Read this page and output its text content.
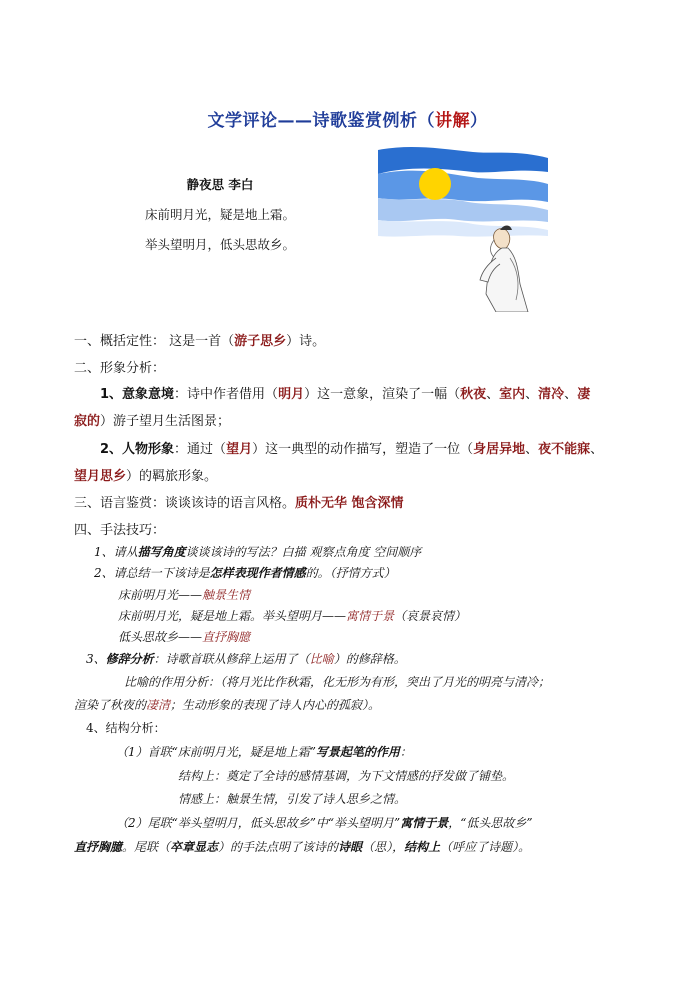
文学评论——诗歌鉴赏例析（讲解）
静夜思 李白
床前明月光，疑是地上霜。
举头望明月，低头思故乡。
一、概括定性： 这是一首（游子思乡）诗。
二、形象分析：
1、意象意境：诗中作者借用（明月）这一意象，渲染了一幅（秋夜、室内、清冷、凄
寂的）游子望月生活图景；
2、人物形象：通过（望月）这一典型的动作描写，塑造了一位（身居异地、夜不能寐、
望月思乡）的羁旅形象。
三、语言鉴赏：谈谈该诗的语言风格。质朴无华 饱含深情
四、手法技巧：
1、请从描写角度谈谈该诗的写法？白描 观察点角度 空间顺序
2、请总结一下该诗是怎样表现作者情感的。（抒情方式）
床前明月光——触景生情
床前明月光，疑是地上霜。举头望明月——寓情于景（哀景哀情）
低头思故乡——直抒胸臆
3、修辞分析：诗歌首联从修辞上运用了（比喻）的修辞格。
比喻的作用分析：（将月光比作秋霜，化无形为有形，突出了月光的明亮与清冷；
渲染了秋夜的凄清；生动形象的表现了诗人内心的孤寂）。
4、结构分析：
（1）首联“床前明月光，疑是地上霜”写景起笔的作用：
结构上：奠定了全诗的感情基调，为下文情感的抒发做了铺垫。
情感上：触景生情，引发了诗人思乡之情。
（2）尾联“举头望明月，低头思故乡”中“举头望明月”寓情于景，“低头思故乡”
直抒胸臆。尾联（卒章显志）的手法点明了该诗的诗眼（思），结构上（呼应了诗题）。
